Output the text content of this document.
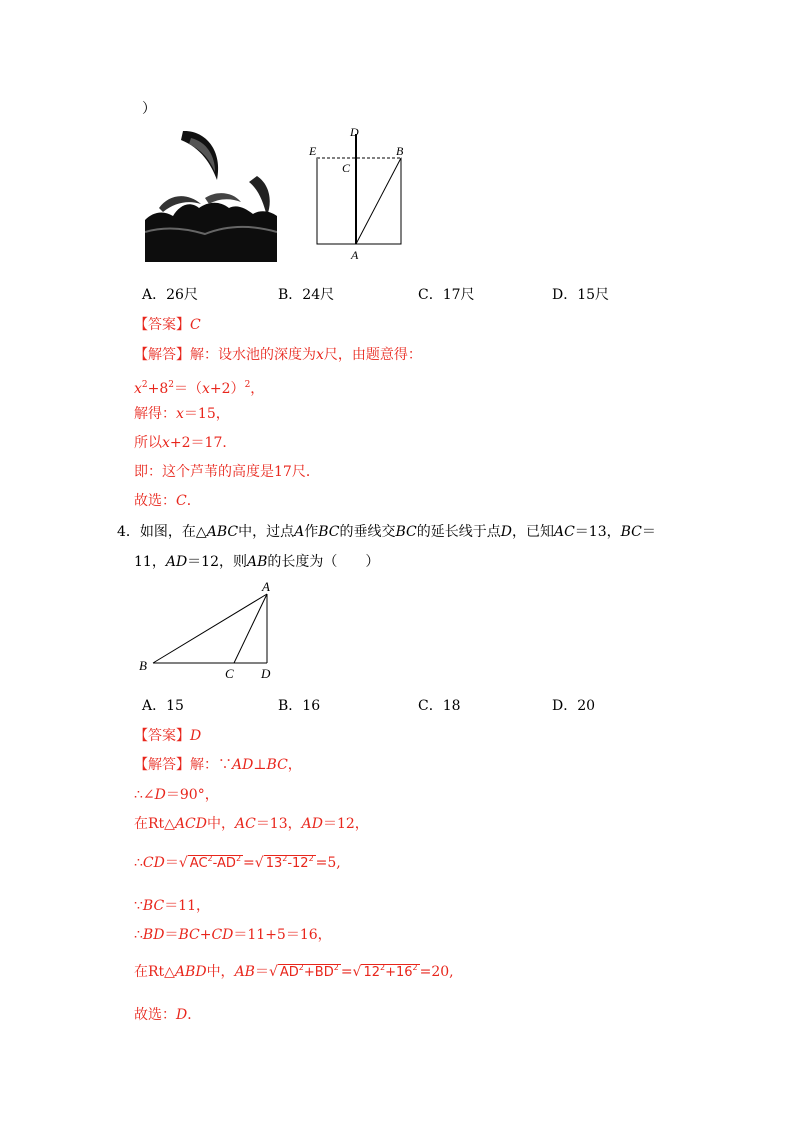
）
D
E
C
B
A
A．26尺	B．24尺	C．17尺	D．15尺
【答案】C
【解答】解：设水池的深度为x尺，由题意得：
$x^2+8^2=(x+2)^2$，
解得：x＝15，
所以x+2＝17．
即：这个芦苇的高度是17尺．
故选：C．
4．如图，在△ABC中，过点A作BC的垂线交BC的延长线于点D，已知AC＝13，BC＝
11，AD＝12，则AB的长度为（　　）
A
B
C D
A．15	B．16	C．18	D．20
【答案】D
【解答】解：∵AD⊥BC，
∴∠D＝90°，
在Rt△ACD中，AC＝13，AD＝12，
∴CD＝√ $AC^2-AD^2$ =√ $13^2-12^2 =5$,
∵BC＝11，
∴BD＝BC+CD＝11+5＝16，
在Rt△ABD中，AB＝√ $AD^2+BD^2$ =√ $12^2+16^2 =20$,
故选：D．
